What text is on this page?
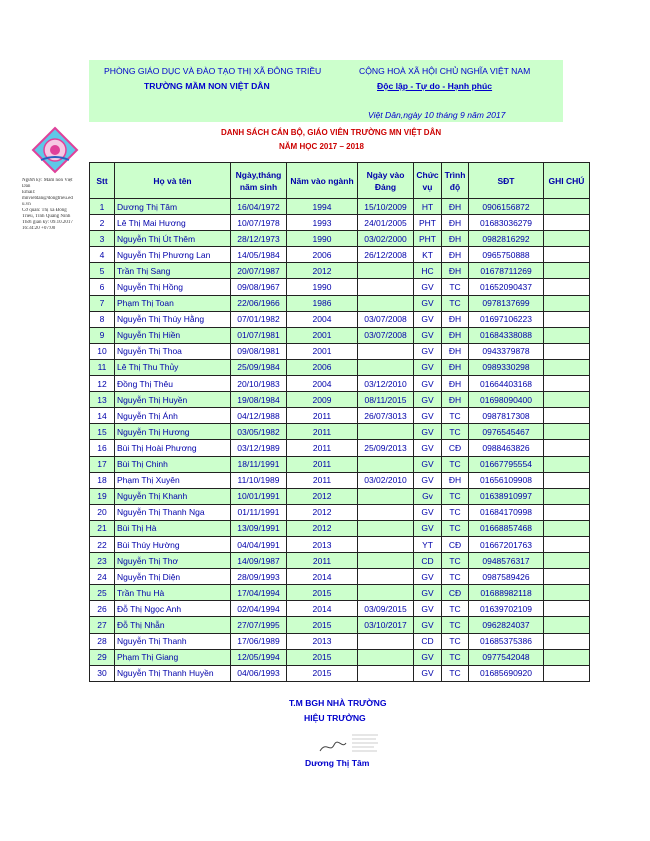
PHÒNG GIÁO DỤC VÀ ĐÀO TẠO THỊ XÃ ĐÔNG TRIỀU
TRƯỜNG MẦM NON VIỆT DÂN
CỘNG HOÀ XÃ HỘI CHỦ NGHĨA VIỆT NAM
Độc lập - Tự do - Hạnh phúc
Việt Dân,ngày 10 tháng 9 năm 2017
DANH SÁCH CÁN BỘ, GIÁO VIÊN TRƯỜNG MN VIỆT DÂN
NĂM HỌC 2017 – 2018
Người ký: Mầm non Việt
Dân
Email:
mnvietdan@dongtrieu.ed
u.vn
Cơ quan: Thị xã Đông
Triều, Tỉnh Quảng Ninh
Thời gian ký: 09.10.2017
16:34:20 +07:00
Stt	Họ và tên	Ngày,tháng năm sinh	Năm vào ngành	Ngày vào Đảng	Chức vụ	Trình độ	SĐT	GHI CHÚ
1	Dương Thị Tâm	16/04/1972	1994	15/10/2009	HT	ĐH	0906156872	
2	Lê Thị Mai Hương	10/07/1978	1993	24/01/2005	PHT	ĐH	01683036279	
3	Nguyễn Thị Út Thêm	28/12/1973	1990	03/02/2000	PHT	ĐH	0982816292	
4	Nguyễn Thị Phương Lan	14/05/1984	2006	26/12/2008	KT	ĐH	0965750888	
5	Trần Thị Sang	20/07/1987	2012		HC	ĐH	01678711269	
6	Nguyễn Thị Hồng	09/08/1967	1990		GV	TC	01652090437	
7	Phạm Thị Toan	22/06/1966	1986		GV	TC	0978137699	
8	Nguyễn Thị Thúy Hằng	07/01/1982	2004	03/07/2008	GV	ĐH	01697106223	
9	Nguyễn Thị Hiền	01/07/1981	2001	03/07/2008	GV	ĐH	01684338088	
10	Nguyễn Thị Thoa	09/08/1981	2001		GV	ĐH	0943379878	
11	Lê Thị Thu Thủy	25/09/1984	2006		GV	ĐH	0989330298	
12	Đồng Thị Thêu	20/10/1983	2004	03/12/2010	GV	ĐH	01664403168	
13	Nguyễn Thị Huyền	19/08/1984	2009	08/11/2015	GV	ĐH	01698090400	
14	Nguyễn Thị Ánh	04/12/1988	2011	26/07/3013	GV	TC	0987817308	
15	Nguyễn Thị Hương	03/05/1982	2011		GV	TC	0976545467	
16	Bùi Thị Hoài Phương	03/12/1989	2011	25/09/2013	GV	CĐ	0988463826	
17	Bùi Thị Chinh	18/11/1991	2011		GV	TC	01667795554	
18	Phạm Thị Xuyên	11/10/1989	2011	03/02/2010	GV	ĐH	01656109908	
19	Nguyễn Thị Khanh	10/01/1991	2012		Gv	TC	01638910997	
20	Nguyễn Thị Thanh Nga	01/11/1991	2012		GV	TC	01684170998	
21	Bùi Thị Hà	13/09/1991	2012		GV	TC	01668857468	
22	Bùi Thúy Hường	04/04/1991	2013		YT	CĐ	01667201763	
23	Nguyễn Thị Thơ	14/09/1987	2011		CD	TC	0948576317	
24	Nguyễn Thị Diện	28/09/1993	2014		GV	TC	0987589426	
25	Trần Thu Hà	17/04/1994	2015		GV	CĐ	01688982118	
26	Đỗ Thị Ngọc Anh	02/04/1994	2014	03/09/2015	GV	TC	01639702109	
27	Đỗ Thị Nhẫn	27/07/1995	2015	03/10/2017	GV	TC	0962824037	
28	Nguyễn Thị Thanh	17/06/1989	2013		CD	TC	01685375386	
29	Phạm Thị Giang	12/05/1994	2015		GV	TC	0977542048	
30	Nguyễn Thị Thanh Huyền	04/06/1993	2015		GV	TC	01685690920	
T.M BGH NHÀ TRƯỜNG
HIỆU TRƯỞNG
Dương Thị Tâm
